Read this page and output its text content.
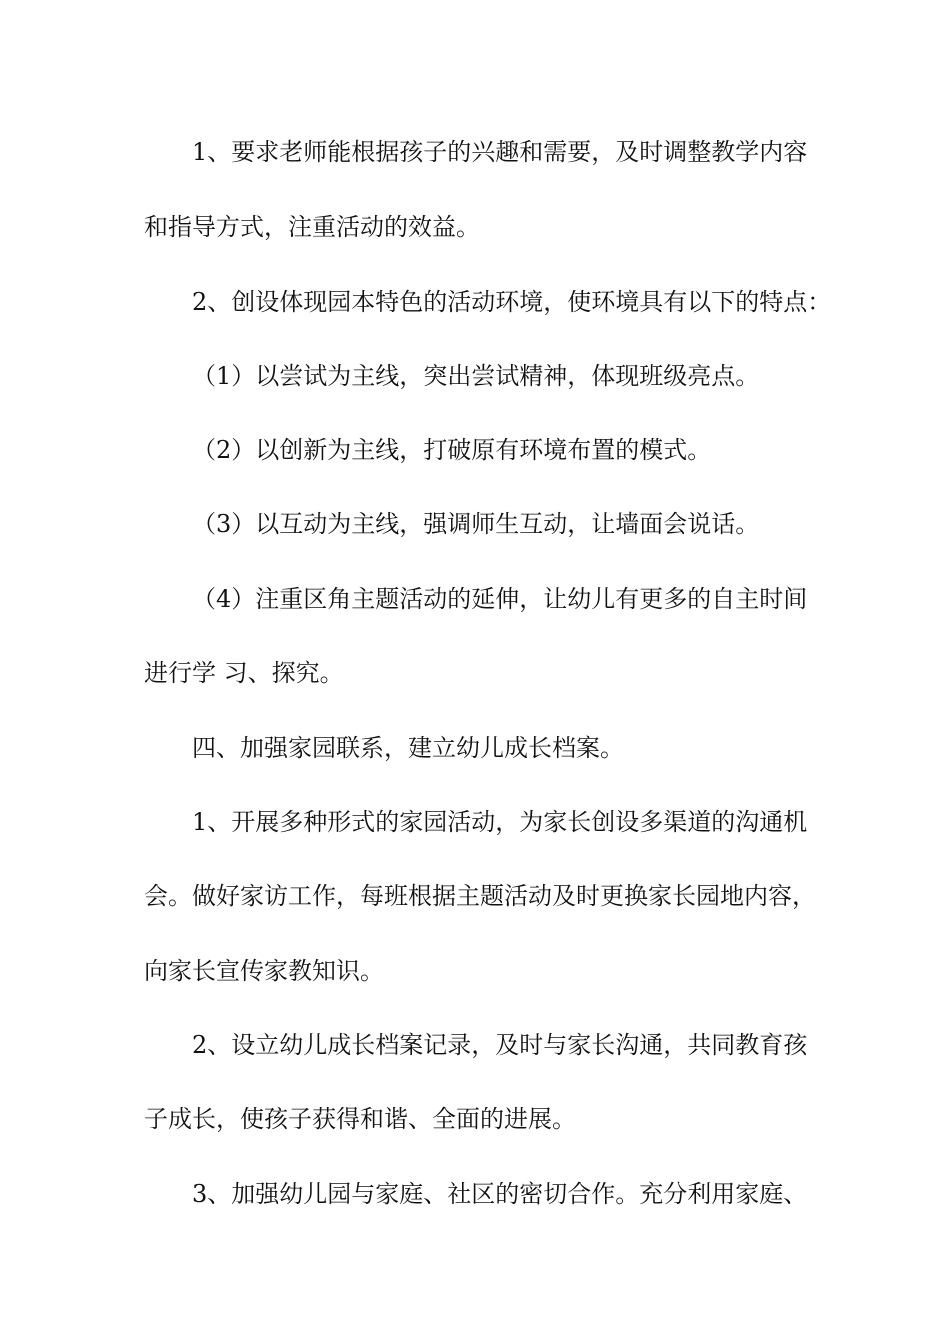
1、要求老师能根据孩子的兴趣和需要，及时调整教学内容

和指导方式，注重活动的效益。

2、创设体现园本特色的活动环境，使环境具有以下的特点：

（1）以尝试为主线，突出尝试精神，体现班级亮点。

（2）以创新为主线，打破原有环境布置的模式。

（3）以互动为主线，强调师生互动，让墙面会说话。

（4）注重区角主题活动的延伸，让幼儿有更多的自主时间

进行学 习、探究。

四、加强家园联系，建立幼儿成长档案。

1、开展多种形式的家园活动，为家长创设多渠道的沟通机

会。做好家访工作，每班根据主题活动及时更换家长园地内容，

向家长宣传家教知识。

2、设立幼儿成长档案记录，及时与家长沟通，共同教育孩

子成长，使孩子获得和谐、全面的进展。

3、加强幼儿园与家庭、社区的密切合作。充分利用家庭、
